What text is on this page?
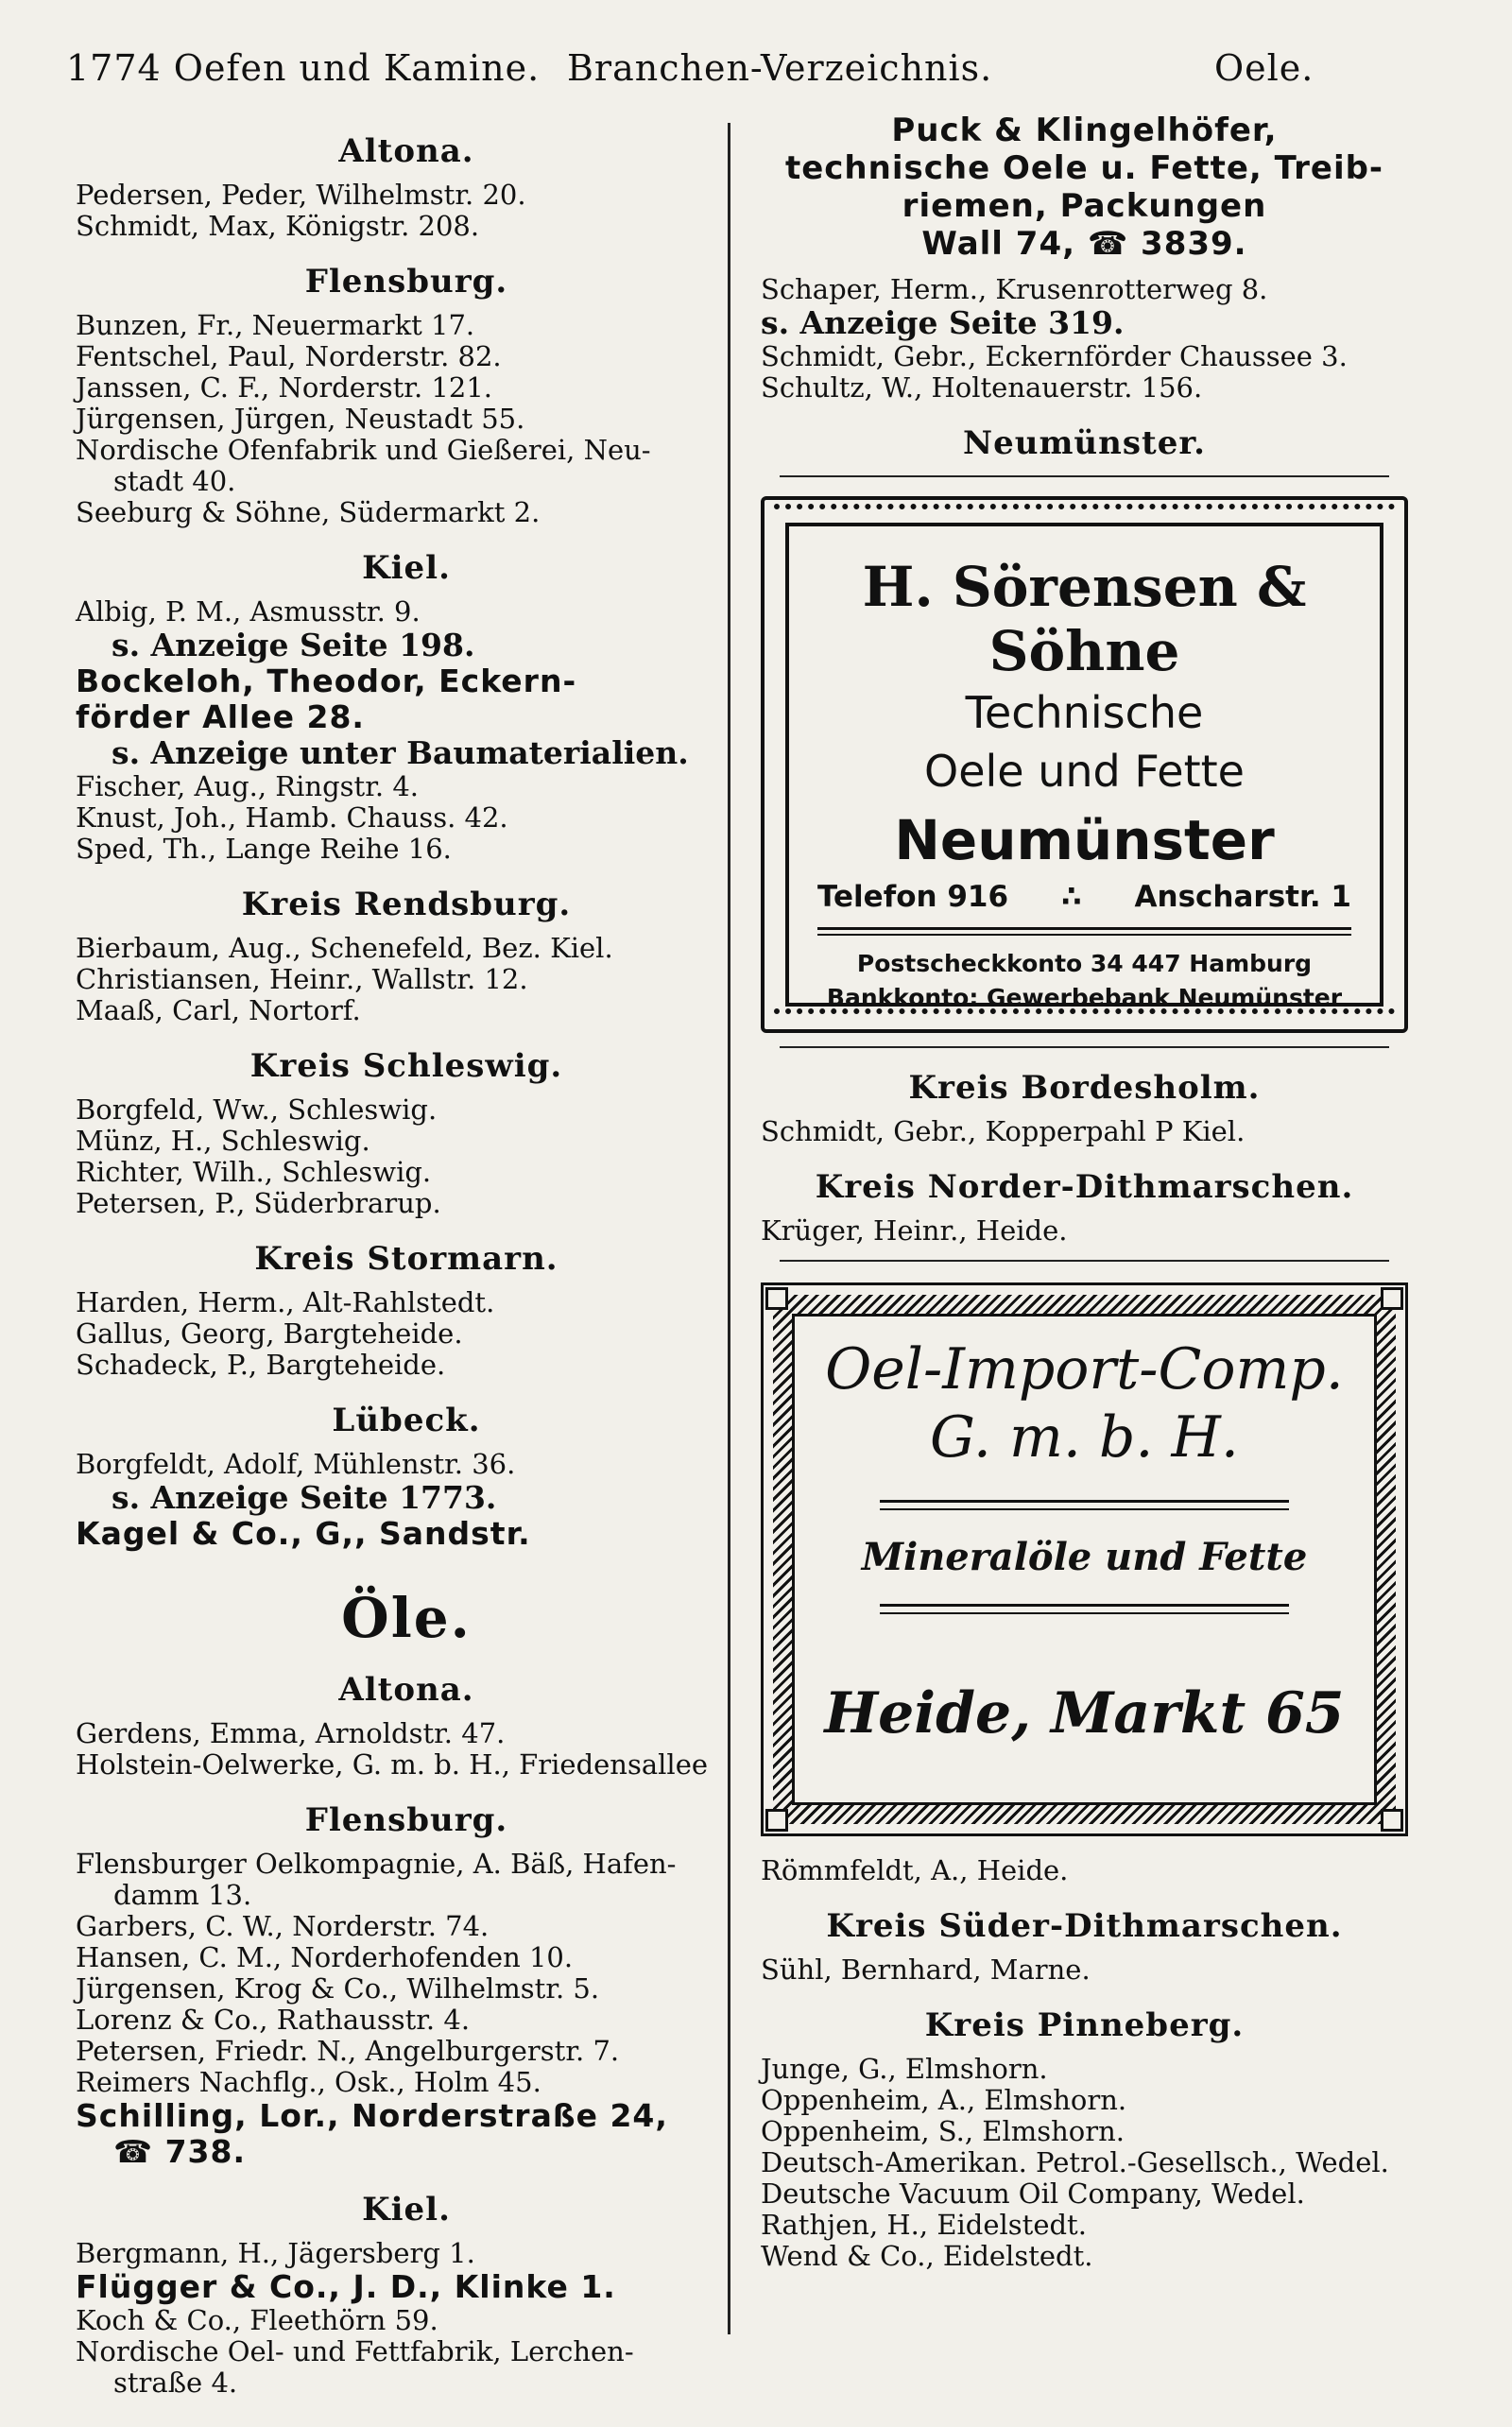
1774 Oefen und Kamine. Branchen-Verzeichnis.	Oele.
Altona.

Pedersen, Peder, Wilhelmstr. 20.

Schmidt, Max, Königstr. 208.

Flensburg.

Bunzen, Fr., Neuermarkt 17.

Fentschel, Paul, Norderstr. 82.

Janssen, C. F., Norderstr. 121.

Jürgensen, Jürgen, Neustadt 55.

Nordische Ofenfabrik und Gießerei, Neu-
stadt 40.

Seeburg & Söhne, Südermarkt 2.

Kiel.

Albig, P. M., Asmusstr. 9.

s. Anzeige Seite 198.

Bockeloh, Theodor, Eckern-
förder Allee 28.

s. Anzeige unter Baumaterialien.

Fischer, Aug., Ringstr. 4.

Knust, Joh., Hamb. Chauss. 42.

Sped, Th., Lange Reihe 16.

Kreis Rendsburg.

Bierbaum, Aug., Schenefeld, Bez. Kiel.

Christiansen, Heinr., Wallstr. 12.

Maaß, Carl, Nortorf.

Kreis Schleswig.

Borgfeld, Ww., Schleswig.

Münz, H., Schleswig.

Richter, Wilh., Schleswig.

Petersen, P., Süderbrarup.

Kreis Stormarn.

Harden, Herm., Alt-Rahlstedt.

Gallus, Georg, Bargteheide.

Schadeck, P., Bargteheide.

Lübeck.

Borgfeldt, Adolf, Mühlenstr. 36.

s. Anzeige Seite 1773.

Kagel & Co., G,, Sandstr.

Öle.
Altona.

Gerdens, Emma, Arnoldstr. 47.

Holstein-Oelwerke, G. m. b. H., Friedensallee

Flensburg.

Flensburger Oelkompagnie, A. Bäß, Hafen-
damm 13.

Garbers, C. W., Norderstr. 74.

Hansen, C. M., Norderhofenden 10.

Jürgensen, Krog & Co., Wilhelmstr. 5.

Lorenz & Co., Rathausstr. 4.

Petersen, Friedr. N., Angelburgerstr. 7.

Reimers Nachflg., Osk., Holm 45.

Schilling, Lor., Norderstraße 24,
☎ 738.

Kiel.

Bergmann, H., Jägersberg 1.

Flügger & Co., J. D., Klinke 1.

Koch & Co., Fleethörn 59.

Nordische Oel- und Fettfabrik, Lerchen-
straße 4.

Puck & Klingelhöfer,
technische Oele u. Fette, Treib-
riemen, Packungen
Wall 74, ☎ 3839.

Schaper, Herm., Krusenrotterweg 8.

s. Anzeige Seite 319.

Schmidt, Gebr., Eckernförder Chaussee 3.

Schultz, W., Holtenauerstr. 156.

Neumünster.
H. Sörensen & Söhne
Technische
Oele und Fette
Neumünster
Telefon 916 ∴ Anscharstr. 1
Postscheckkonto 34 447 Hamburg
Bankkonto: Gewerbebank Neumünster
Kreis Bordesholm.

Schmidt, Gebr., Kopperpahl P Kiel.

Kreis Norder-Dithmarschen.

Krüger, Heinr., Heide.

Oel-Import-Comp.
G. m. b. H.
Mineralöle und Fette
Heide, Markt 65

Römmfeldt, A., Heide.

Kreis Süder-Dithmarschen.

Sühl, Bernhard, Marne.

Kreis Pinneberg.

Junge, G., Elmshorn.

Oppenheim, A., Elmshorn.

Oppenheim, S., Elmshorn.

Deutsch-Amerikan. Petrol.-Gesellsch., Wedel.

Deutsche Vacuum Oil Company, Wedel.

Rathjen, H., Eidelstedt.

Wend & Co., Eidelstedt.
